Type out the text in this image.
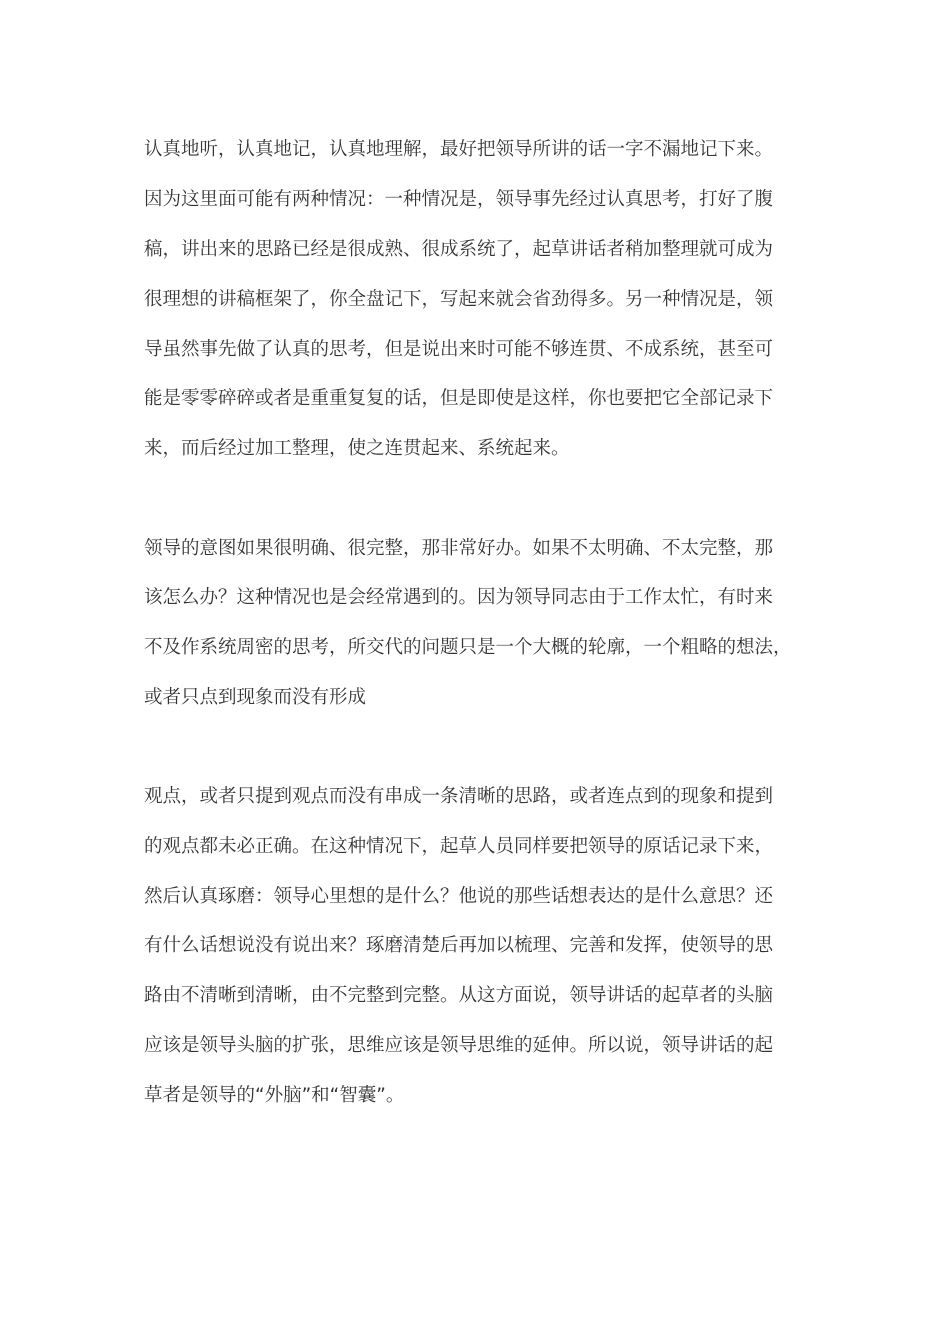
认真地听，认真地记，认真地理解，最好把领导所讲的话一字不漏地记下来。
因为这里面可能有两种情况：一种情况是，领导事先经过认真思考，打好了腹
稿，讲出来的思路已经是很成熟、很成系统了，起草讲话者稍加整理就可成为
很理想的讲稿框架了，你全盘记下，写起来就会省劲得多。另一种情况是，领
导虽然事先做了认真的思考，但是说出来时可能不够连贯、不成系统，甚至可
能是零零碎碎或者是重重复复的话，但是即使是这样，你也要把它全部记录下
来，而后经过加工整理，使之连贯起来、系统起来。
领导的意图如果很明确、很完整，那非常好办。如果不太明确、不太完整，那
该怎么办？这种情况也是会经常遇到的。因为领导同志由于工作太忙，有时来
不及作系统周密的思考，所交代的问题只是一个大概的轮廓，一个粗略的想法，
或者只点到现象而没有形成
观点，或者只提到观点而没有串成一条清晰的思路，或者连点到的现象和提到
的观点都未必正确。在这种情况下，起草人员同样要把领导的原话记录下来，
然后认真琢磨：领导心里想的是什么？他说的那些话想表达的是什么意思？还
有什么话想说没有说出来？琢磨清楚后再加以梳理、完善和发挥，使领导的思
路由不清晰到清晰，由不完整到完整。从这方面说，领导讲话的起草者的头脑
应该是领导头脑的扩张，思维应该是领导思维的延伸。所以说，领导讲话的起
草者是领导的“外脑”和“智囊”。
